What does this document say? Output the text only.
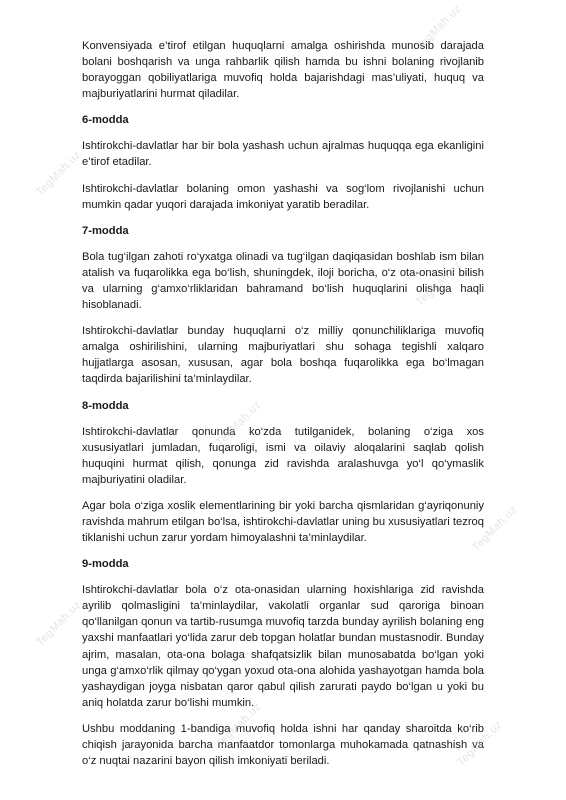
Konvensiyada e’tirof etilgan huquqlarni amalga oshirishda munosib darajada bolani boshqarish va unga rahbarlik qilish hamda bu ishni bolaning rivojlanib borayoggan qobiliyatlariga muvofiq holda bajarishdagi mas’uliyati, huquq va majburiyatlarini hurmat qiladilar.

6-modda

Ishtirokchi-davlatlar har bir bola yashash uchun ajralmas huquqqa ega ekanligini e’tirof etadilar.

Ishtirokchi-davlatlar bolaning omon yashashi va sog‘lom rivojlanishi uchun mumkin qadar yuqori darajada imkoniyat yaratib beradilar.

7-modda

Bola tug‘ilgan zahoti ro‘yxatga olinadi va tug‘ilgan daqiqasidan boshlab ism bilan atalish va fuqarolikka ega bo‘lish, shuningdek, iloji boricha, o‘z ota-onasini bilish va ularning g‘amxo‘rliklaridan bahramand bo‘lish huquqlarini olishga haqli hisoblanadi.

Ishtirokchi-davlatlar bunday huquqlarni o‘z milliy qonunchiliklariga muvofiq amalga oshirilishini, ularning majburiyatlari shu sohaga tegishli xalqaro hujjatlarga asosan, xususan, agar bola boshqa fuqarolikka ega bo‘lmagan taqdirda bajarilishini ta’minlaydilar.

8-modda

Ishtirokchi-davlatlar qonunda ko‘zda tutilganidek, bolaning o‘ziga xos xususiyatlari jumladan, fuqaroligi, ismi va oilaviy aloqalarini saqlab qolish huquqini hurmat qilish, qonunga zid ravishda aralashuvga yo‘l qo‘ymaslik majburiyatini oladilar.

Agar bola o‘ziga xoslik elementlarining bir yoki barcha qismlaridan g‘ayriqonuniy ravishda mahrum etilgan bo‘lsa, ishtirokchi-davlatlar uning bu xususiyatlari tezroq tiklanishi uchun zarur yordam himoyalashni ta’minlaydilar.

9-modda

Ishtirokchi-davlatlar bola o‘z ota-onasidan ularning hoxishlariga zid ravishda ayrilib qolmasligini ta’minlaydilar, vakolatli organlar sud qaroriga binoan qo‘llanilgan qonun va tartib-rusumga muvofiq tarzda bunday ayrilish bolaning eng yaxshi manfaatlari yo‘lida zarur deb topgan holatlar bundan mustasnodir. Bunday ajrim, masalan, ota-ona bolaga shafqatsizlik bilan munosabatda bo‘lgan yoki unga g‘amxo‘rlik qilmay qo‘ygan yoxud ota-ona alohida yashayotgan hamda bola yashaydigan joyga nisbatan qaror qabul qilish zarurati paydo bo‘lgan u yoki bu aniq holatda zarur bo‘lishi mumkin.

Ushbu moddaning 1-bandiga muvofiq holda ishni har qanday sharoitda ko‘rib chiqish jarayonida barcha manfaatdor tomonlarga muhokamada qatnashish va o‘z nuqtai nazarini bayon qilish imkoniyati beriladi.

TegMah.uz
TegMah.uz
TegMah.uz
TegMah.uz
TegMah.uz
TegMah.uz
TegMah.uz	TegMah.uz
